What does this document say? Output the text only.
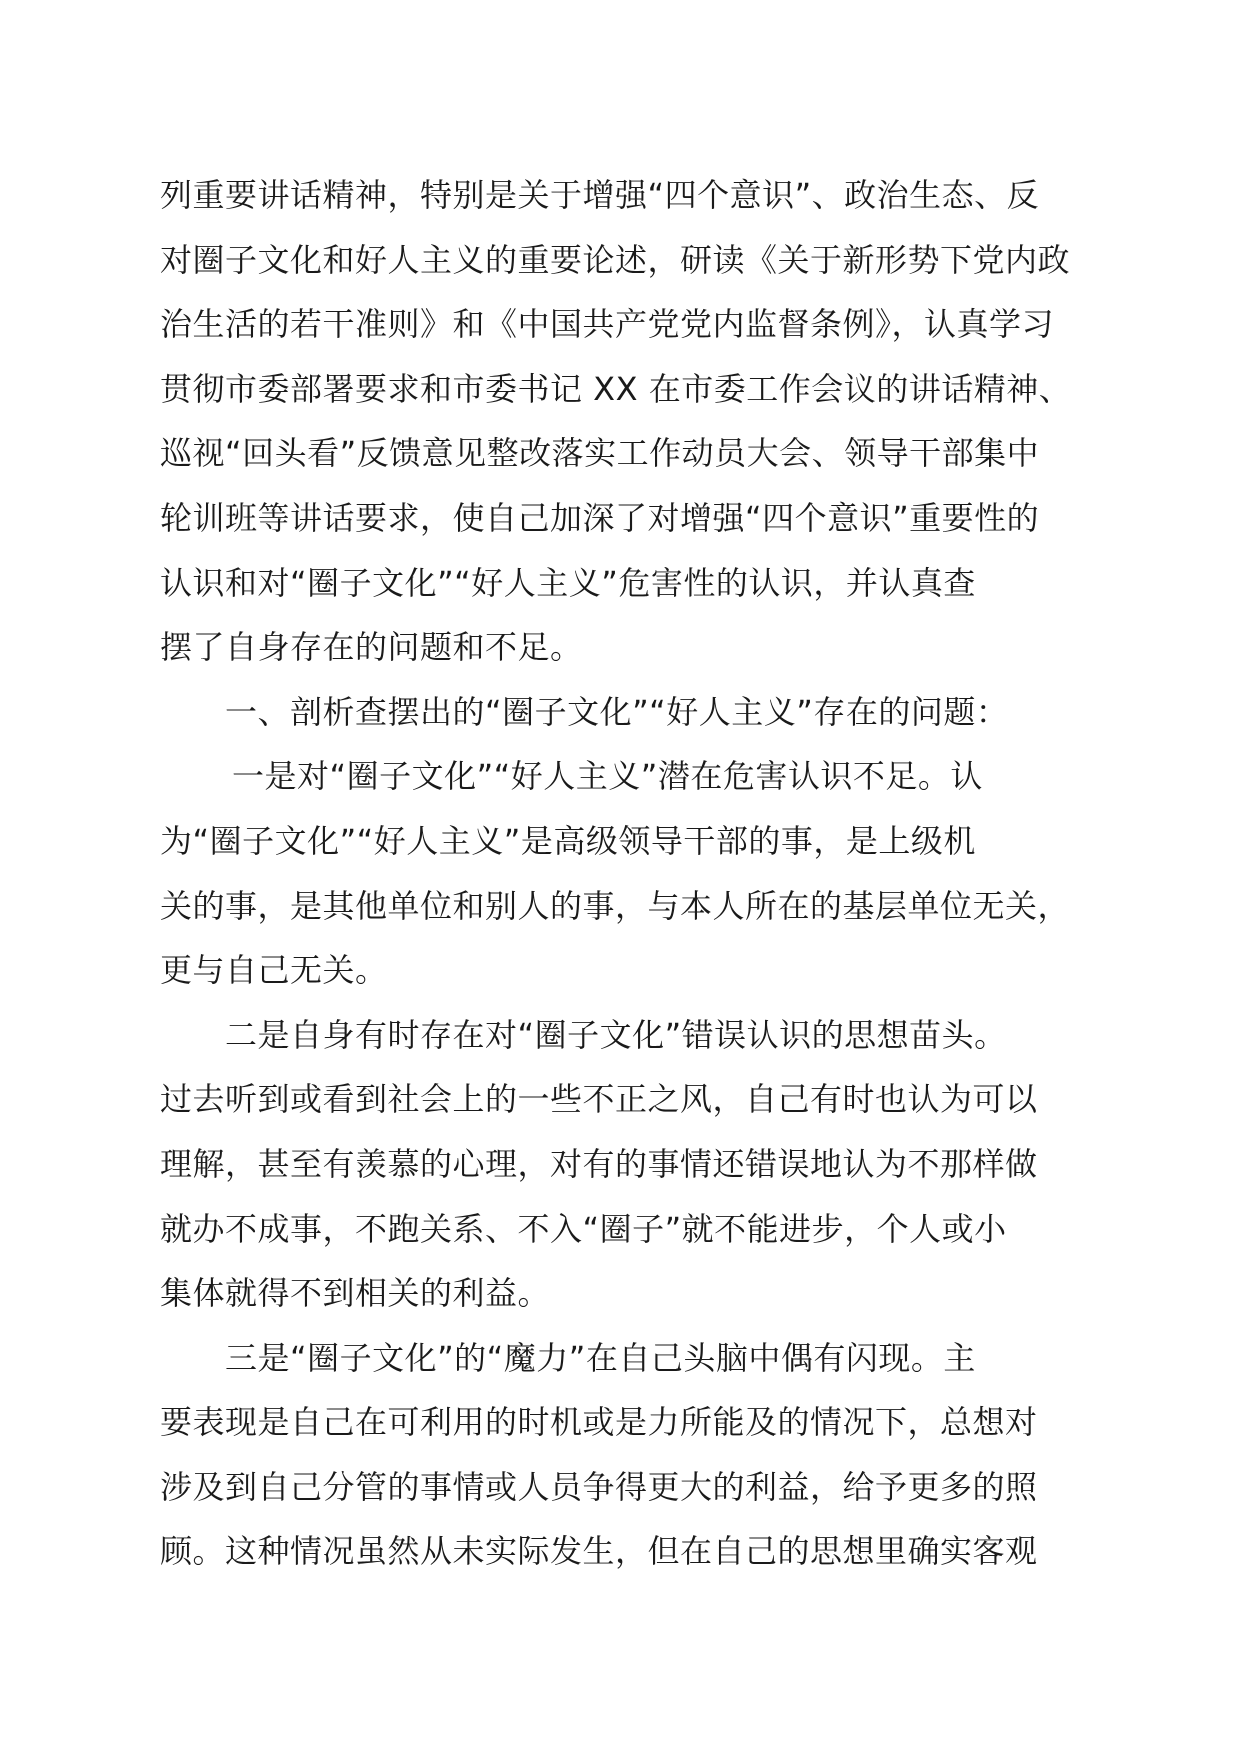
列重要讲话精神，特别是关于增强“四个意识”、政治生态、反
对圈子文化和好人主义的重要论述，研读《关于新形势下党内政
治生活的若干准则》和《中国共产党党内监督条例》，认真学习
贯彻市委部署要求和市委书记 XX 在市委工作会议的讲话精神、
巡视“回头看”反馈意见整改落实工作动员大会、领导干部集中
轮训班等讲话要求，使自己加深了对增强“四个意识”重要性的
认识和对“圈子文化”“好人主义”危害性的认识，并认真查
摆了自身存在的问题和不足。
一、剖析查摆出的“圈子文化”“好人主义”存在的问题：
一是对“圈子文化”“好人主义”潜在危害认识不足。认
为“圈子文化”“好人主义”是高级领导干部的事，是上级机
关的事，是其他单位和别人的事，与本人所在的基层单位无关，
更与自己无关。
二是自身有时存在对“圈子文化”错误认识的思想苗头。
过去听到或看到社会上的一些不正之风，自己有时也认为可以
理解，甚至有羡慕的心理，对有的事情还错误地认为不那样做
就办不成事，不跑关系、不入“圈子”就不能进步，个人或小
集体就得不到相关的利益。
三是“圈子文化”的“魔力”在自己头脑中偶有闪现。主
要表现是自己在可利用的时机或是力所能及的情况下，总想对
涉及到自己分管的事情或人员争得更大的利益，给予更多的照
顾。这种情况虽然从未实际发生，但在自己的思想里确实客观
